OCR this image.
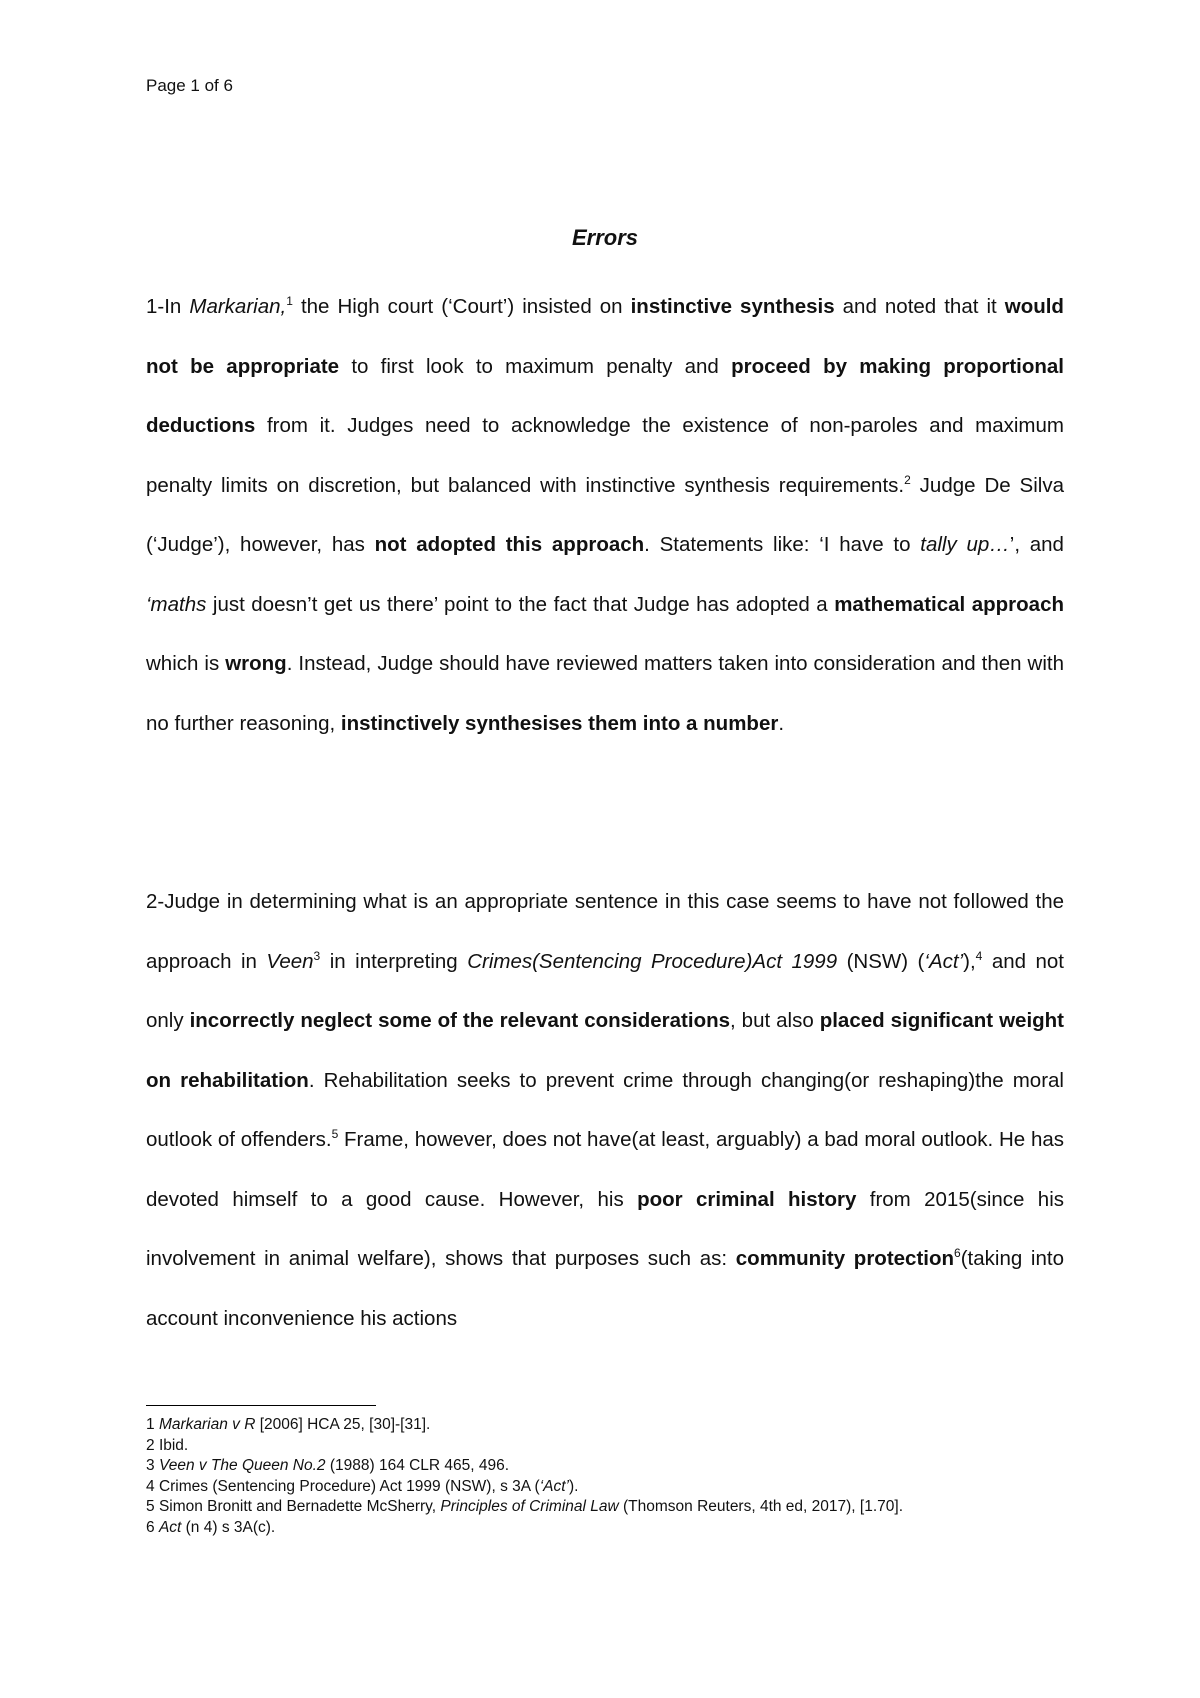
Page 1 of 6
Errors

1-In Markarian,$^1$ the High court (‘Court’) insisted on instinctive synthesis and noted that it would not be appropriate to first look to maximum penalty and proceed by making proportional deductions from it. Judges need to acknowledge the existence of non-paroles and maximum penalty limits on discretion, but balanced with instinctive synthesis requirements.$^2$ Judge De Silva (‘Judge’), however, has not adopted this approach. Statements like: ‘I have to tally up…’, and ‘maths just doesn’t get us there’ point to the fact that Judge has adopted a mathematical approach which is wrong. Instead, Judge should have reviewed matters taken into consideration and then with no further reasoning, instinctively synthesises them into a number.

2-Judge in determining what is an appropriate sentence in this case seems to have not followed the approach in Veen$^3$ in interpreting Crimes(Sentencing Procedure)Act 1999 (NSW) (‘Act’),$^4$ and not only incorrectly neglect some of the relevant considerations, but also placed significant weight on rehabilitation. Rehabilitation seeks to prevent crime through changing(or reshaping)the moral outlook of offenders.$^5$ Frame, however, does not have(at least, arguably) a bad moral outlook. He has devoted himself to a good cause. However, his poor criminal history from 2015(since his involvement in animal welfare), shows that purposes such as: community protection$^6$(taking into account inconvenience his actions

1 Markarian v R [2006] HCA 25, [30]-[31].

2 Ibid.

3 Veen v The Queen No.2 (1988) 164 CLR 465, 496.

4 Crimes (Sentencing Procedure) Act 1999 (NSW), s 3A (‘Act’).

5 Simon Bronitt and Bernadette McSherry, Principles of Criminal Law (Thomson Reuters, 4th ed, 2017), [1.70].

6 Act (n 4) s 3A(c).
